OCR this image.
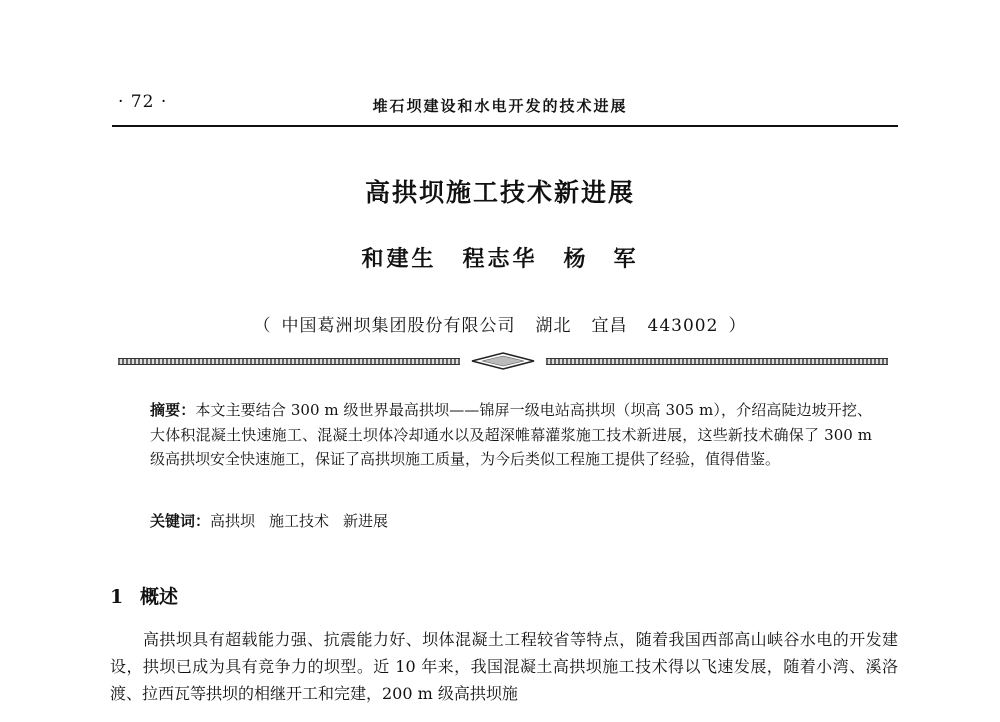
· 72 ·	堆石坝建设和水电开发的技术进展
高拱坝施工技术新进展
和建生 程志华 杨　军
（ 中国葛洲坝集团股份有限公司 湖北 宜昌 443002 ）
摘要：本文主要结合 300 m 级世界最高拱坝——锦屏一级电站高拱坝（坝高 305 m），介绍高陡边坡开挖、大体积混凝土快速施工、混凝土坝体冷却通水以及超深帷幕灌浆施工技术新进展，这些新技术确保了 300 m 级高拱坝安全快速施工，保证了高拱坝施工质量，为今后类似工程施工提供了经验，值得借鉴。
关键词：高拱坝 施工技术 新进展
1 概述
高拱坝具有超载能力强、抗震能力好、坝体混凝土工程较省等特点，随着我国西部高山峡谷水电的开发建设，拱坝已成为具有竞争力的坝型。近 10 年来，我国混凝土高拱坝施工技术得以飞速发展，随着小湾、溪洛渡、拉西瓦等拱坝的相继开工和完建，200 m 级高拱坝施
